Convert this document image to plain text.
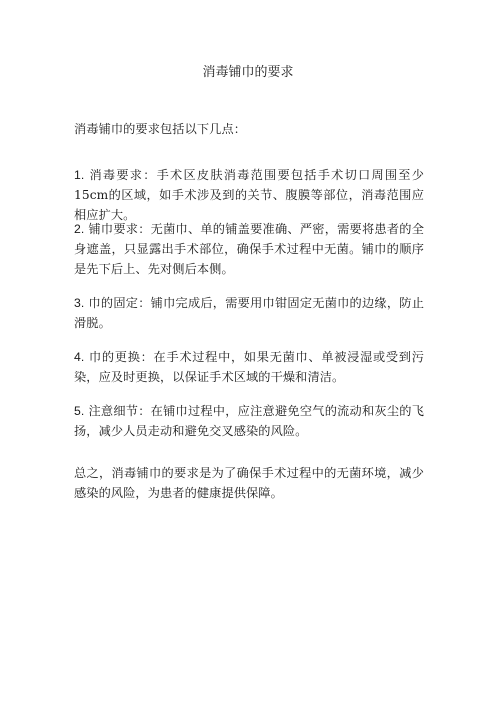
消毒铺巾的要求
消毒铺巾的要求包括以下几点：
1. 消毒要求：手术区皮肤消毒范围要包括手术切口周围至少15cm的区域，如手术涉及到的关节、腹膜等部位，消毒范围应相应扩大。
2. 铺巾要求：无菌巾、单的铺盖要准确、严密，需要将患者的全身遮盖，只显露出手术部位，确保手术过程中无菌。铺巾的顺序是先下后上、先对侧后本侧。
3. 巾的固定：铺巾完成后，需要用巾钳固定无菌巾的边缘，防止滑脱。
4. 巾的更换：在手术过程中，如果无菌巾、单被浸湿或受到污染，应及时更换，以保证手术区域的干燥和清洁。
5. 注意细节：在铺巾过程中，应注意避免空气的流动和灰尘的飞扬，减少人员走动和避免交叉感染的风险。
总之，消毒铺巾的要求是为了确保手术过程中的无菌环境，减少感染的风险，为患者的健康提供保障。
